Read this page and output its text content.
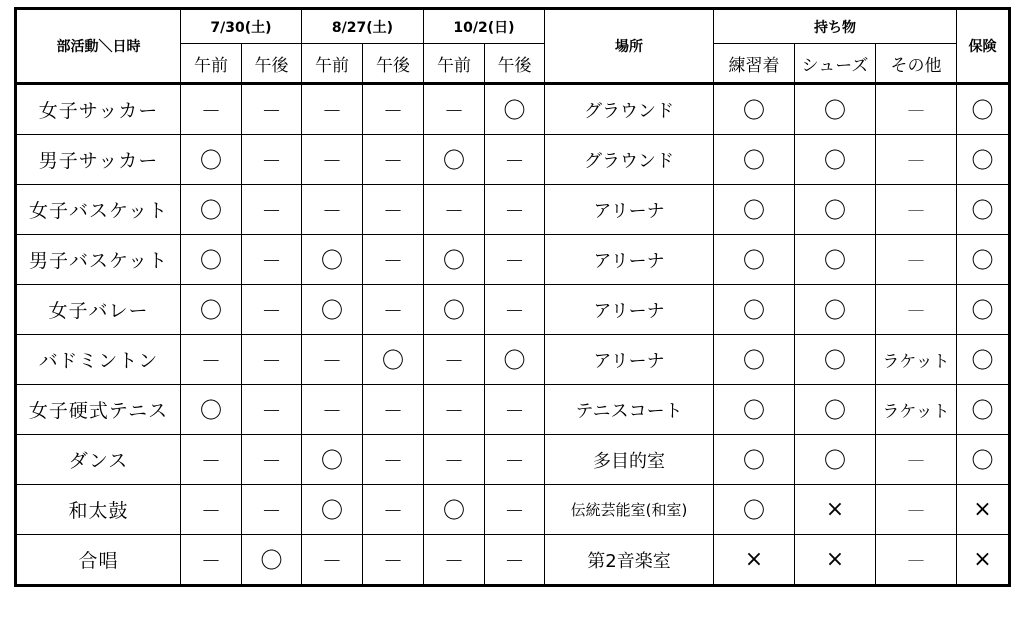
部活動＼日時	7/30(土)		8/27(土)		10/2(日)		場所	持ち物			保険
	午前	午後	午前	午後	午前	午後		練習着	シューズ	その他	
女子サッカー	－	－	－	－	－	〇	グラウンド	〇	〇	－	〇
男子サッカー	〇	－	－	－	〇	－	グラウンド	〇	〇	－	〇
女子バスケット	〇	－	－	－	－	－	アリーナ	〇	〇	－	〇
男子バスケット	〇	－	〇	－	〇	－	アリーナ	〇	〇	－	〇
女子バレー	〇	－	〇	－	〇	－	アリーナ	〇	〇	－	〇
バドミントン	－	－	－	〇	－	〇	アリーナ	〇	〇	ラケット	〇
女子硬式テニス	〇	－	－	－	－	－	テニスコート	〇	〇	ラケット	〇
ダンス	－	－	〇	－	－	－	多目的室	〇	〇	－	〇
和太鼓	－	－	〇	－	〇	－	伝統芸能室(和室)	〇	×	－	×
合唱	－	〇	－	－	－	－	第2音楽室	×	×	－	×
